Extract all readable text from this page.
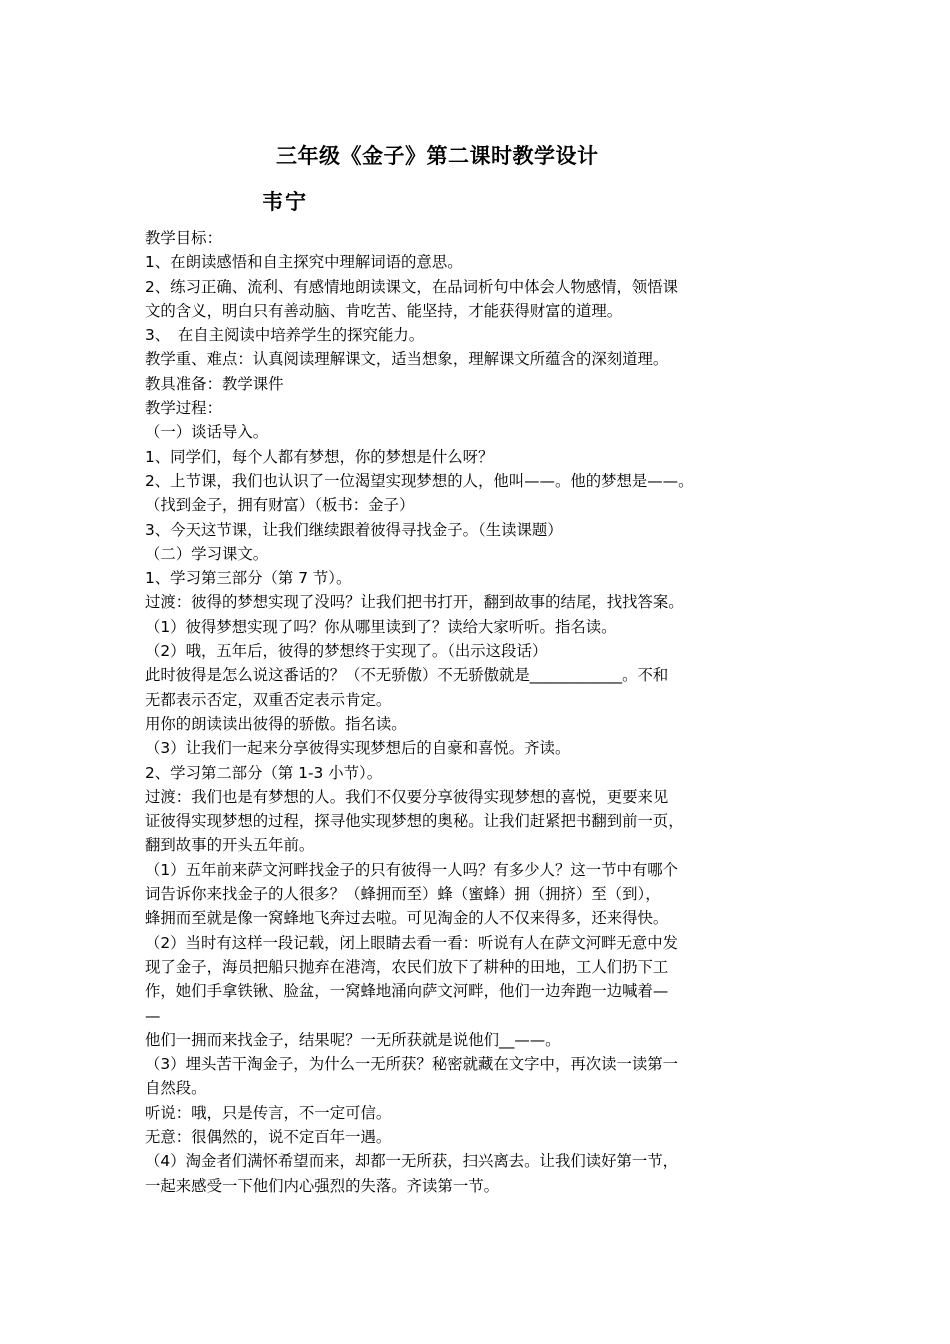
三年级《金子》第二课时教学设计
韦宁
教学目标：
1、在朗读感悟和自主探究中理解词语的意思。
2、练习正确、流利、有感情地朗读课文，在品词析句中体会人物感情，领悟课
文的含义，明白只有善动脑、肯吃苦、能坚持，才能获得财富的道理。
3、　在自主阅读中培养学生的探究能力。
教学重、难点：认真阅读理解课文，适当想象，理解课文所蕴含的深刻道理。
教具准备：教学课件
教学过程：
（一）谈话导入。
1、同学们，每个人都有梦想，你的梦想是什么呀？
2、上节课，我们也认识了一位渴望实现梦想的人，他叫——。他的梦想是——。
（找到金子，拥有财富）（板书：金子）
3、今天这节课，让我们继续跟着彼得寻找金子。（生读课题）
（二）学习课文。
1、学习第三部分（第 7 节）。
过渡：彼得的梦想实现了没吗？让我们把书打开，翻到故事的结尾，找找答案。
（1）彼得梦想实现了吗？你从哪里读到了？读给大家听听。指名读。
（2）哦，五年后，彼得的梦想终于实现了。（出示这段话）
此时彼得是怎么说这番话的？（不无骄傲）不无骄傲就是____________。不和
无都表示否定，双重否定表示肯定。
用你的朗读读出彼得的骄傲。指名读。
（3）让我们一起来分享彼得实现梦想后的自豪和喜悦。齐读。
2、学习第二部分（第 1-3 小节）。
过渡：我们也是有梦想的人。我们不仅要分享彼得实现梦想的喜悦，更要来见
证彼得实现梦想的过程，探寻他实现梦想的奥秘。让我们赶紧把书翻到前一页，
翻到故事的开头五年前。
（1）五年前来萨文河畔找金子的只有彼得一人吗？有多少人？这一节中有哪个
词告诉你来找金子的人很多？（蜂拥而至）蜂（蜜蜂）拥（拥挤）至（到），
蜂拥而至就是像一窝蜂地飞奔过去啦。可见淘金的人不仅来得多，还来得快。
（2）当时有这样一段记载，闭上眼睛去看一看：听说有人在萨文河畔无意中发
现了金子，海员把船只抛弃在港湾，农民们放下了耕种的田地，工人们扔下工
作，她们手拿铁锹、脸盆，一窝蜂地涌向萨文河畔，他们一边奔跑一边喊着—
—
他们一拥而来找金子，结果呢？一无所获就是说他们__——。
（3）埋头苦干淘金子，为什么一无所获？秘密就藏在文字中，再次读一读第一
自然段。
听说：哦，只是传言，不一定可信。
无意：很偶然的，说不定百年一遇。
（4）淘金者们满怀希望而来，却都一无所获，扫兴离去。让我们读好第一节，
一起来感受一下他们内心强烈的失落。齐读第一节。
